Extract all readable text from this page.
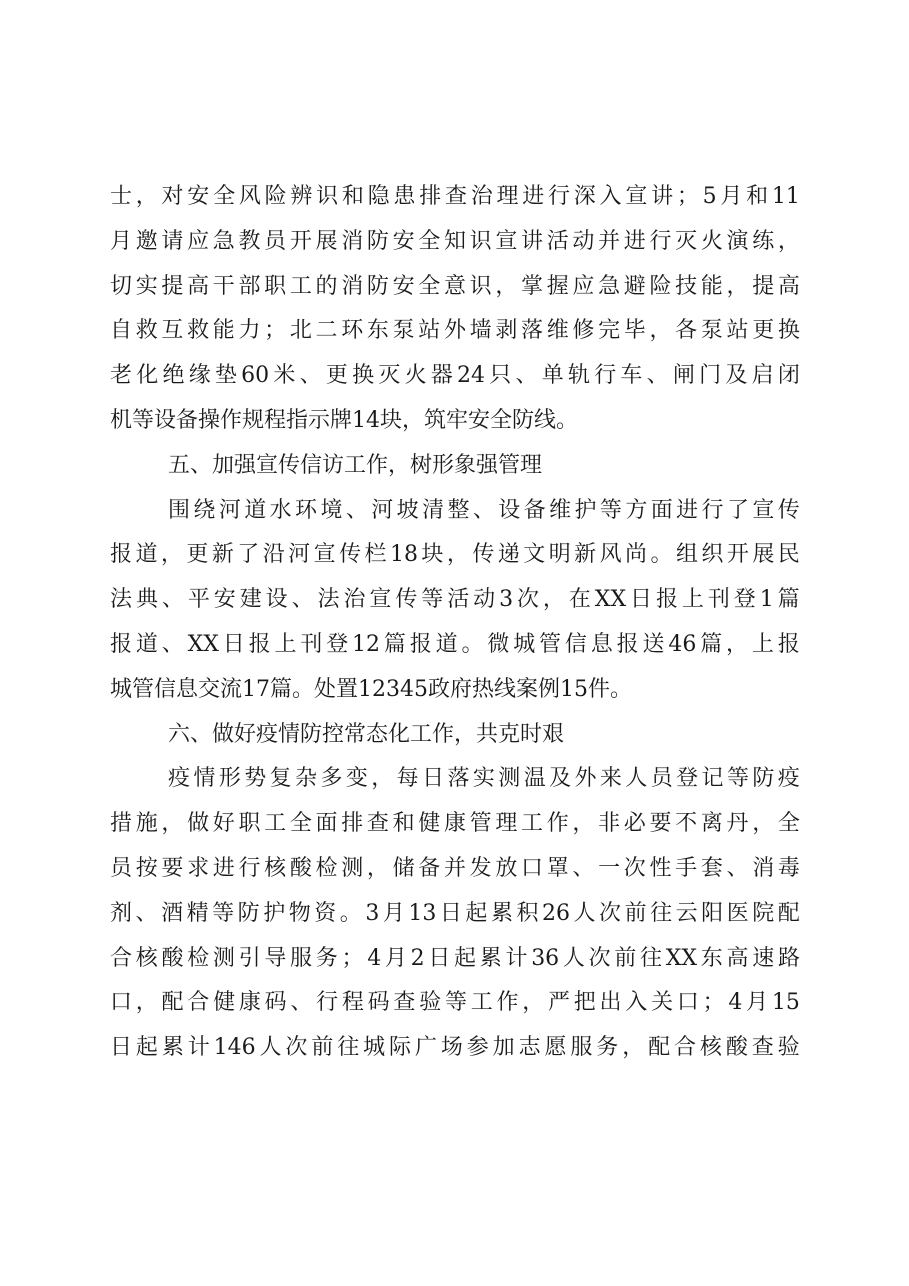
士 ， 对 安 全 风 险 辨 识 和 隐 患 排 查 治 理 进 行 深 入 宣 讲 ； 5 月 和 11
月 邀 请 应 急 教 员 开 展 消 防 安 全 知 识 宣 讲 活 动 并 进 行 灭 火 演 练 ，
切 实 提 高 干 部 职 工 的 消 防 安 全 意 识 ， 掌 握 应 急 避 险 技 能 ， 提 高
自 救 互 救 能 力 ； 北 二 环 东 泵 站 外 墙 剥 落 维 修 完 毕 ， 各 泵 站 更 换
老 化 绝 缘 垫 60 米 、 更 换 灭 火 器 24 只 、 单 轨 行 车 、 闸 门 及 启 闭
机等设备操作规程指示牌14块，筑牢安全防线。
五、加强宣传信访工作，树形象强管理
围 绕 河 道 水 环 境 、 河 坡 清 整 、 设 备 维 护 等 方 面 进 行 了 宣 传
报 道 ， 更 新 了 沿 河 宣 传 栏 18 块 ， 传 递 文 明 新 风 尚 。 组 织 开 展 民
法 典 、 平 安 建 设 、 法 治 宣 传 等 活 动 3 次 ， 在 XX 日 报 上 刊 登 1 篇
报 道 、 XX 日 报 上 刊 登 12 篇 报 道 。 微 城 管 信 息 报 送 46 篇 ， 上 报
城管信息交流17篇。处置12345政府热线案例15件。
六、做好疫情防控常态化工作，共克时艰
疫 情 形 势 复 杂 多 变 ， 每 日 落 实 测 温 及 外 来 人 员 登 记 等 防 疫
措 施 ， 做 好 职 工 全 面 排 查 和 健 康 管 理 工 作 ， 非 必 要 不 离 丹 ， 全
员 按 要 求 进 行 核 酸 检 测 ， 储 备 并 发 放 口 罩 、 一 次 性 手 套 、 消 毒
剂 、 酒 精 等 防 护 物 资 。 3 月 13 日 起 累 积 26 人 次 前 往 云 阳 医 院 配
合 核 酸 检 测 引 导 服 务 ； 4 月 2 日 起 累 计 36 人 次 前 往 XX 东 高 速 路
口 ， 配 合 健 康 码 、 行 程 码 查 验 等 工 作 ， 严 把 出 入 关 口 ； 4 月 15
日 起 累 计 146 人 次 前 往 城 际 广 场 参 加 志 愿 服 务 ， 配 合 核 酸 查 验
